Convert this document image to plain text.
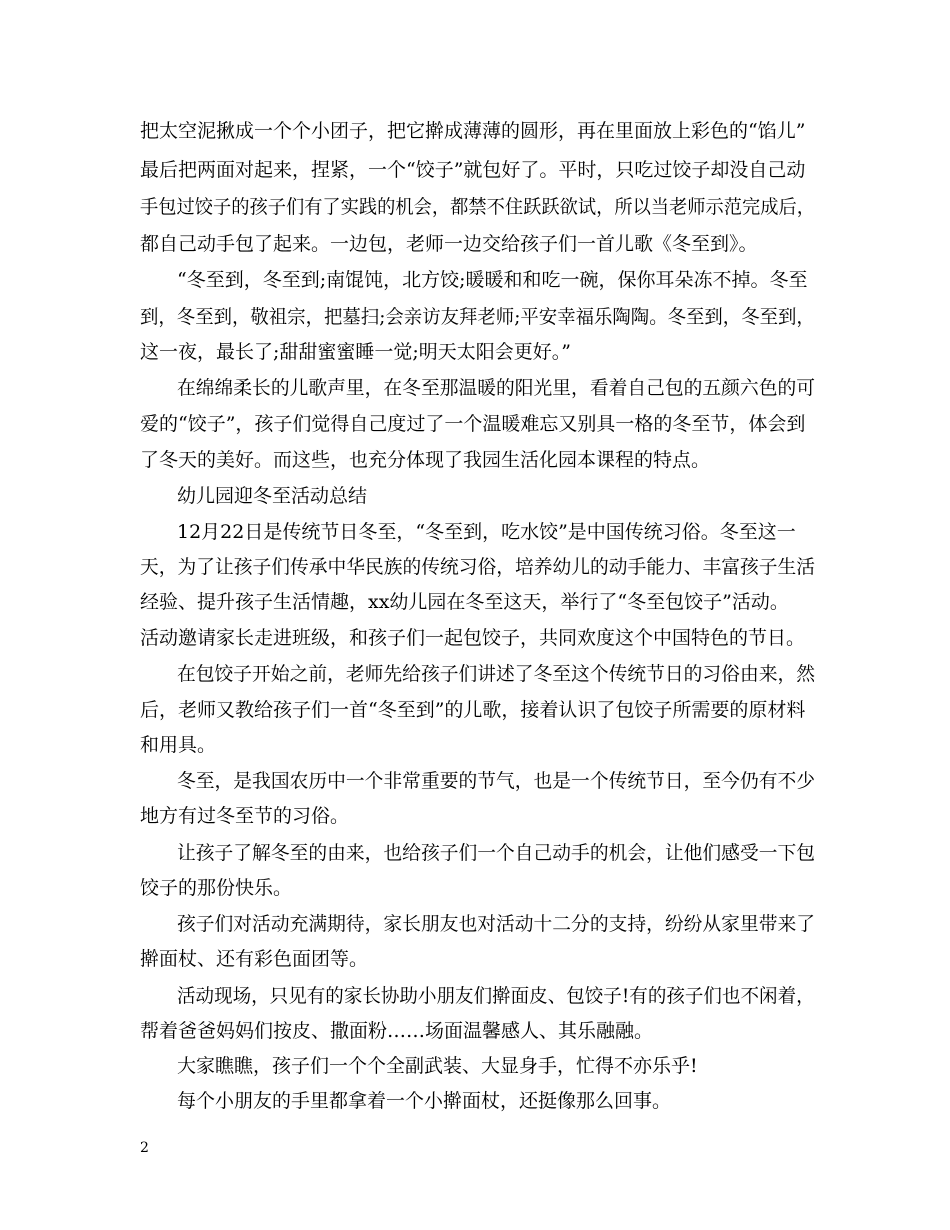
把太空泥揪成一个个小团子，把它擀成薄薄的圆形，再在里面放上彩色的“馅儿”
最后把两面对起来，捏紧，一个“饺子”就包好了。平时，只吃过饺子却没自己动
手包过饺子的孩子们有了实践的机会，都禁不住跃跃欲试，所以当老师示范完成后，
都自己动手包了起来。一边包，老师一边交给孩子们一首儿歌《冬至到》。
“冬至到，冬至到;南馄饨，北方饺;暖暖和和吃一碗，保你耳朵冻不掉。冬至
到，冬至到，敬祖宗，把墓扫;会亲访友拜老师;平安幸福乐陶陶。冬至到，冬至到，
这一夜，最长了;甜甜蜜蜜睡一觉;明天太阳会更好。”
在绵绵柔长的儿歌声里，在冬至那温暖的阳光里，看着自己包的五颜六色的可
爱的“饺子”，孩子们觉得自己度过了一个温暖难忘又别具一格的冬至节，体会到
了冬天的美好。而这些，也充分体现了我园生活化园本课程的特点。
幼儿园迎冬至活动总结
12月22日是传统节日冬至，“冬至到，吃水饺”是中国传统习俗。冬至这一
天，为了让孩子们传承中华民族的传统习俗，培养幼儿的动手能力、丰富孩子生活
经验、提升孩子生活情趣，xx幼儿园在冬至这天，举行了“冬至包饺子”活动。
活动邀请家长走进班级，和孩子们一起包饺子，共同欢度这个中国特色的节日。
在包饺子开始之前，老师先给孩子们讲述了冬至这个传统节日的习俗由来，然
后，老师又教给孩子们一首“冬至到”的儿歌，接着认识了包饺子所需要的原材料
和用具。
冬至，是我国农历中一个非常重要的节气，也是一个传统节日，至今仍有不少
地方有过冬至节的习俗。
让孩子了解冬至的由来，也给孩子们一个自己动手的机会，让他们感受一下包
饺子的那份快乐。
孩子们对活动充满期待，家长朋友也对活动十二分的支持，纷纷从家里带来了
擀面杖、还有彩色面团等。
活动现场，只见有的家长协助小朋友们擀面皮、包饺子!有的孩子们也不闲着，
帮着爸爸妈妈们按皮、撒面粉……场面温馨感人、其乐融融。
大家瞧瞧，孩子们一个个全副武装、大显身手，忙得不亦乐乎!
每个小朋友的手里都拿着一个小擀面杖，还挺像那么回事。
2
